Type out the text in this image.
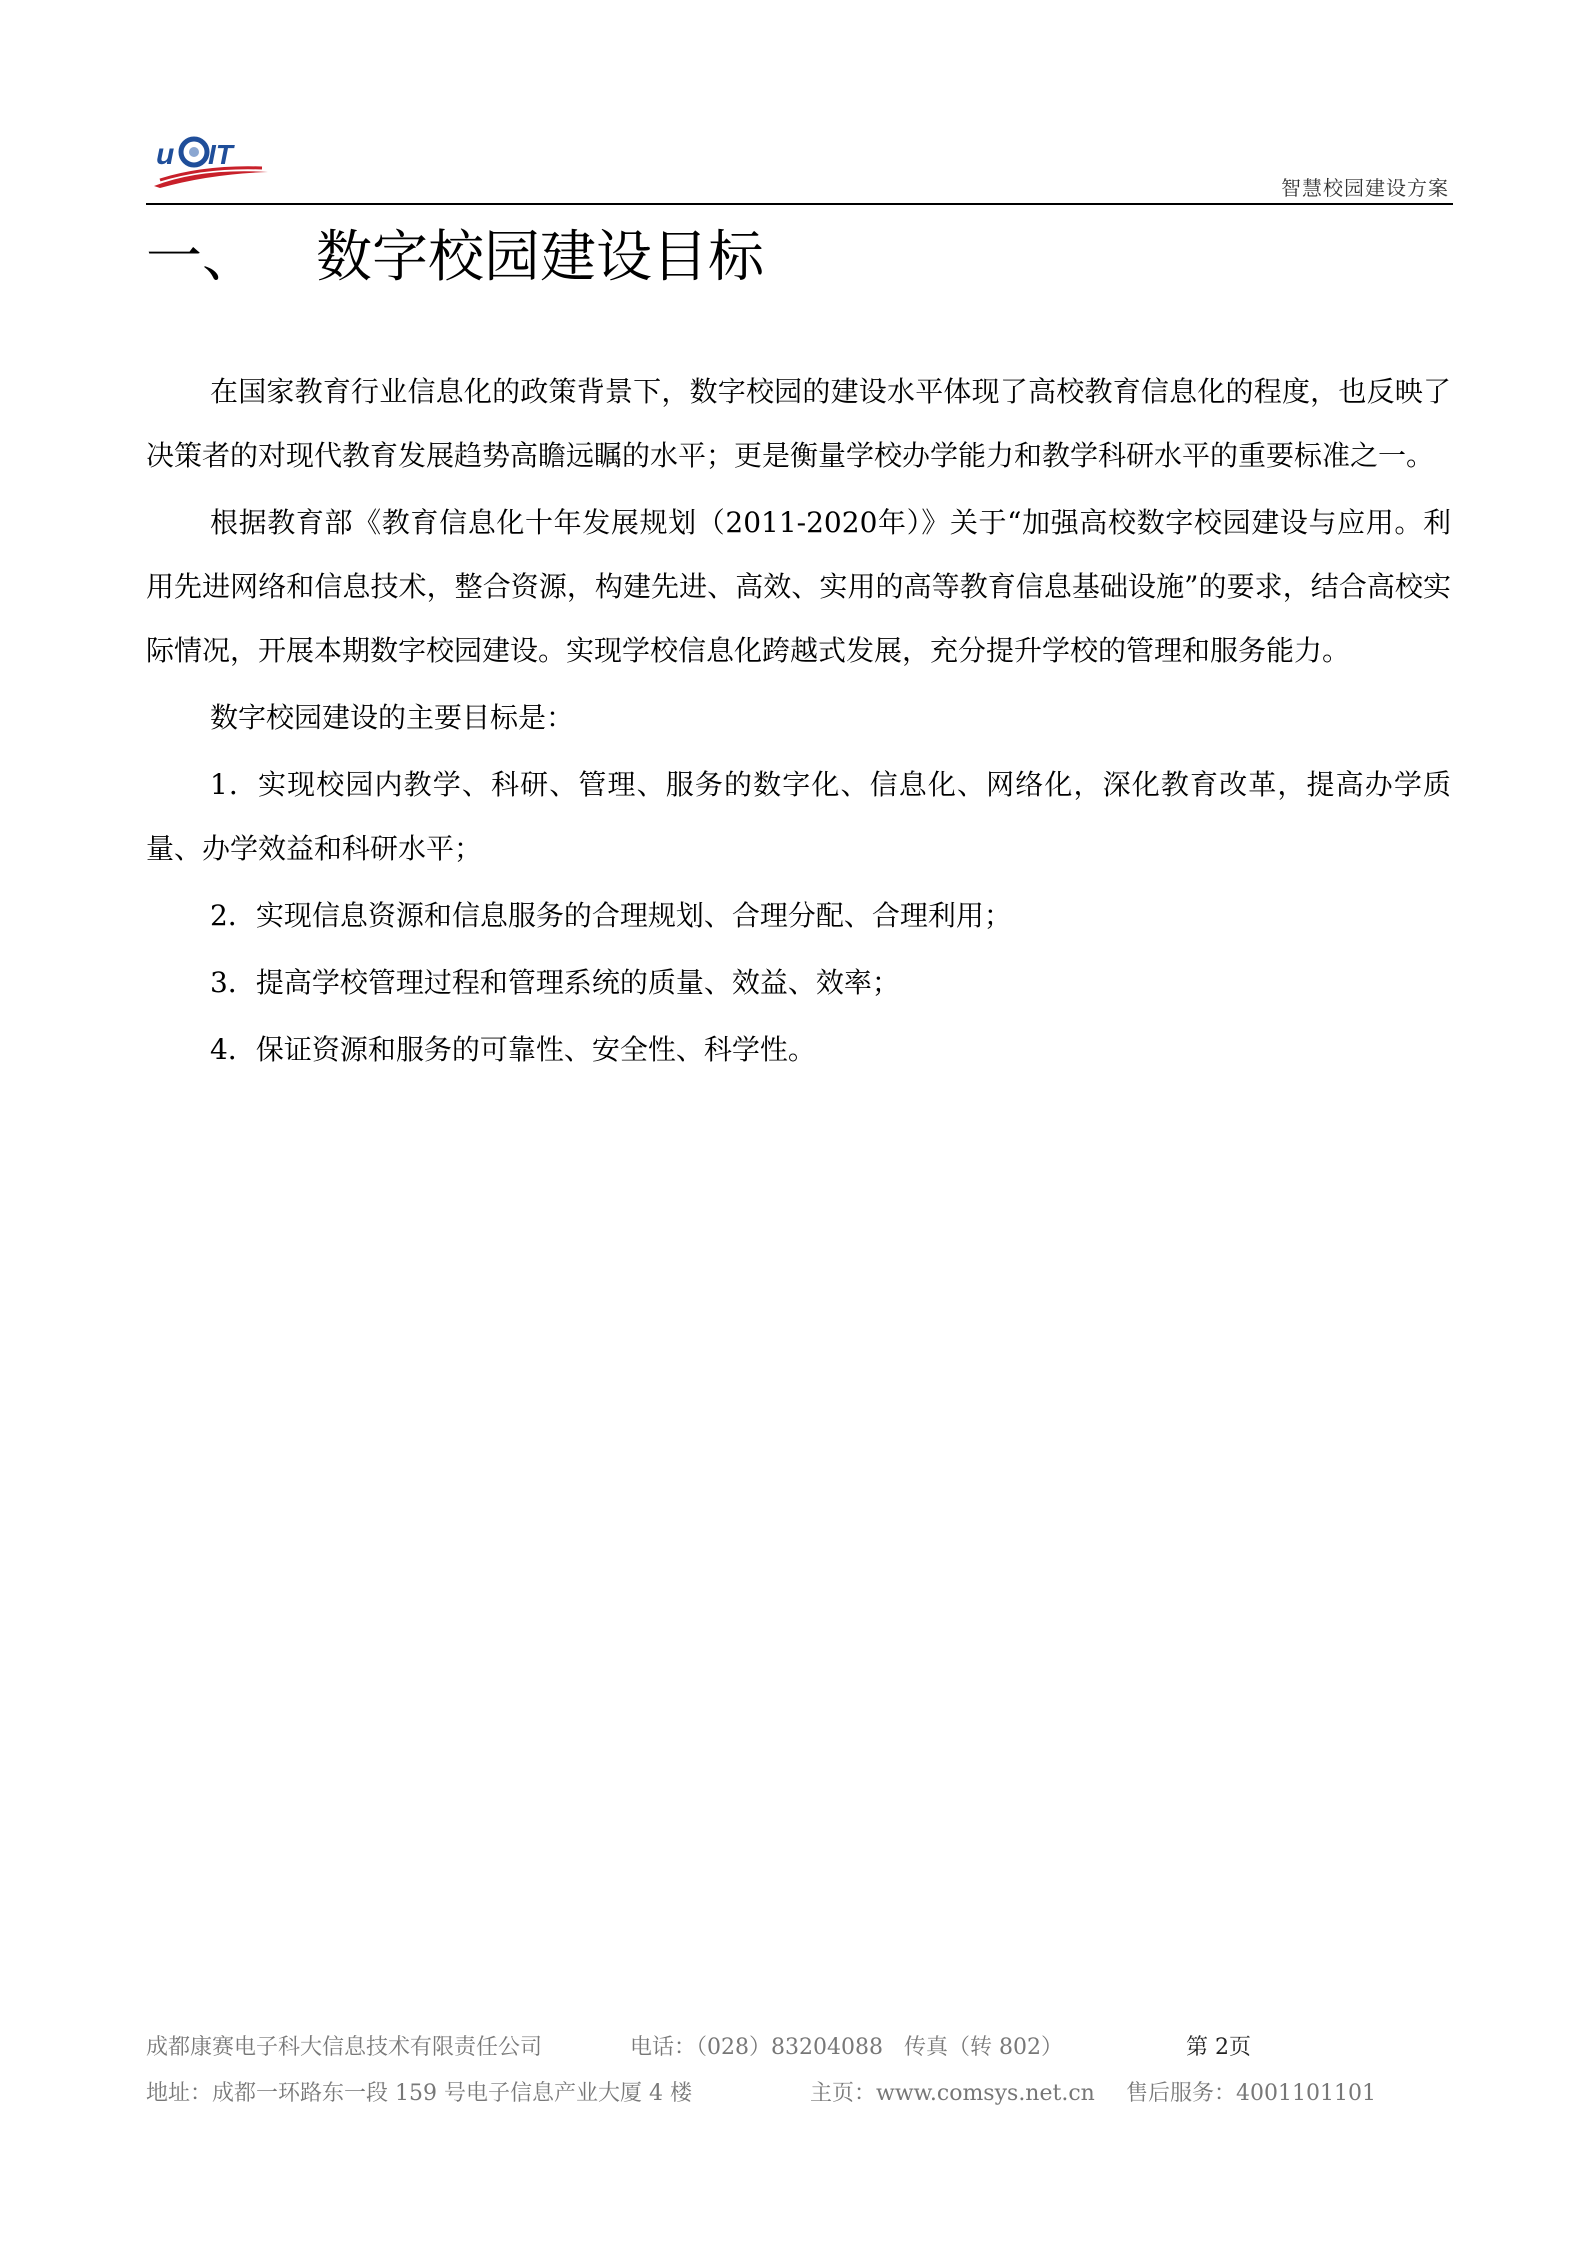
u IT
智慧校园建设方案
一、 数字校园建设目标

在国家教育行业信息化的政策背景下，数字校园的建设水平体现了高校教育信息化的程度，也反映了决策者的对现代教育发展趋势高瞻远瞩的水平；更是衡量学校办学能力和教学科研水平的重要标准之一。

根据教育部《教育信息化十年发展规划（2011-2020年）》关于“加强高校数字校园建设与应用。利用先进网络和信息技术，整合资源，构建先进、高效、实用的高等教育信息基础设施”的要求，结合高校实际情况，开展本期数字校园建设。实现学校信息化跨越式发展，充分提升学校的管理和服务能力。

数字校园建设的主要目标是：

1．实现校园内教学、科研、管理、服务的数字化、信息化、网络化，深化教育改革，提高办学质量、办学效益和科研水平；

2．实现信息资源和信息服务的合理规划、合理分配、合理利用；

3．提高学校管理过程和管理系统的质量、效益、效率；

4．保证资源和服务的可靠性、安全性、科学性。

成都康赛电子科大信息技术有限责任公司	电话：（028）83204088 传真（转 802）	第 2页
地址：成都一环路东一段 159 号电子信息产业大厦 4 楼	主页：www.comsys.net.cn 售后服务：4001101101
